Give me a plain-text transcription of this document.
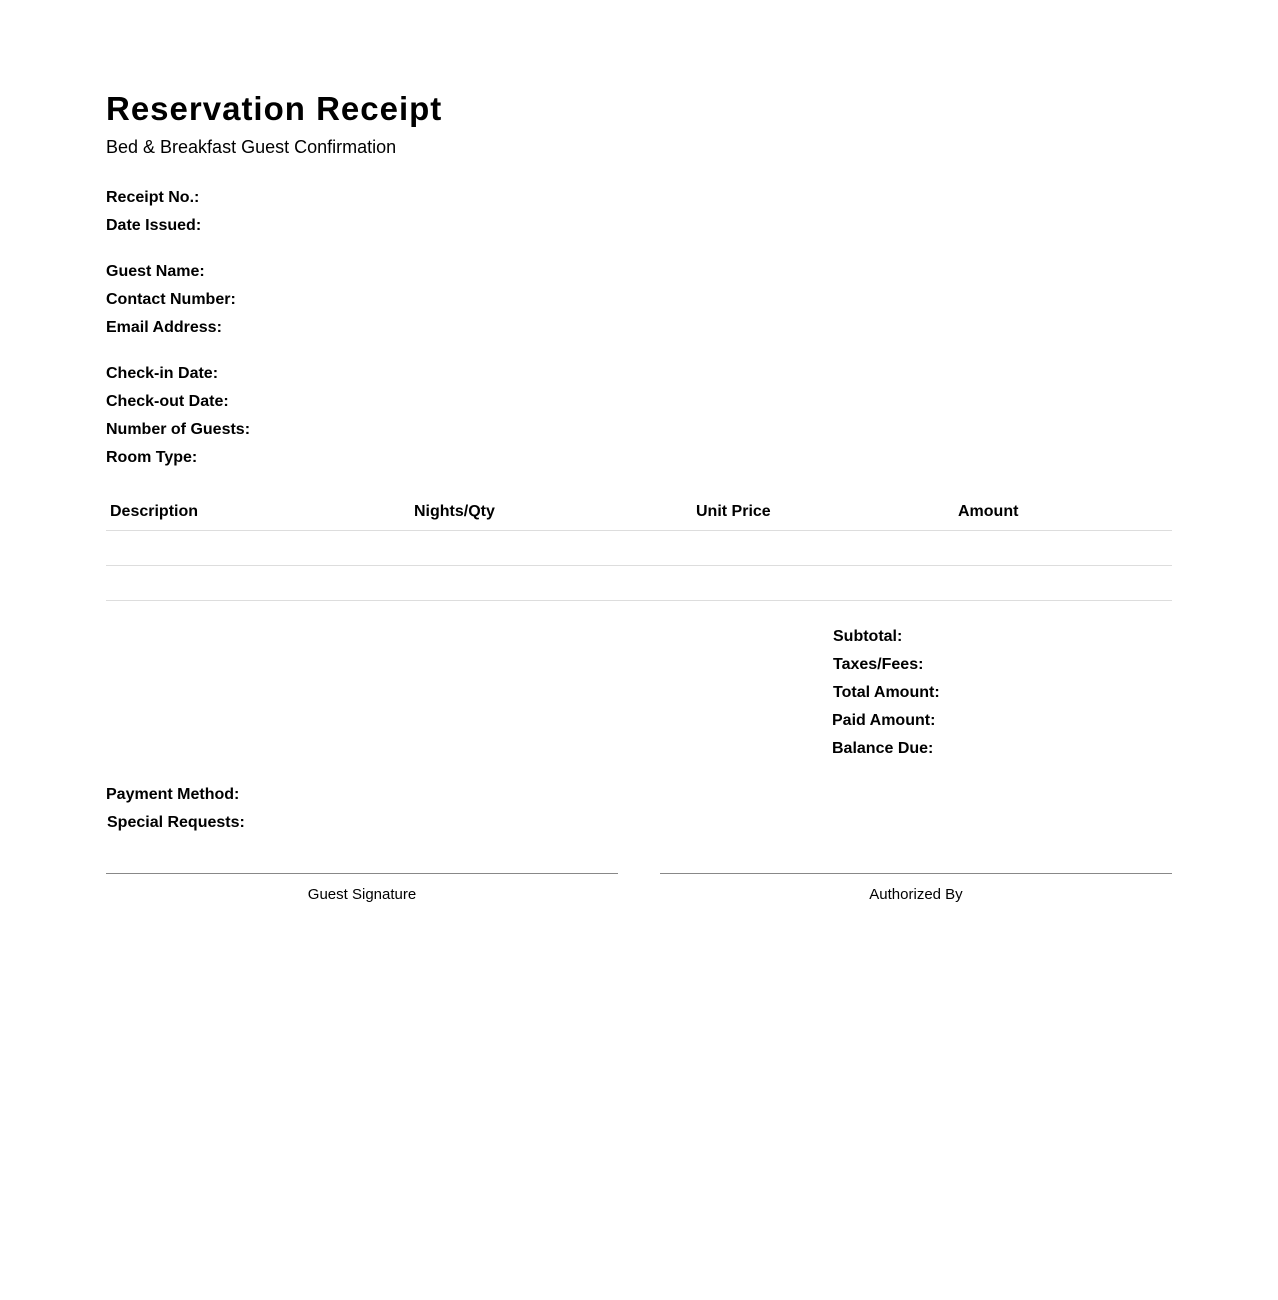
Reservation Receipt
Bed & Breakfast Guest Confirmation
Receipt No.:
Date Issued:
Guest Name:
Contact Number:
Email Address:
Check-in Date:
Check-out Date:
Number of Guests:
Room Type:
Description	Nights/Qty	Unit Price	Amount
Subtotal:
Taxes/Fees:
Total Amount:
Paid Amount:
Balance Due:
Payment Method:
Special Requests:
Guest Signature	Authorized By
